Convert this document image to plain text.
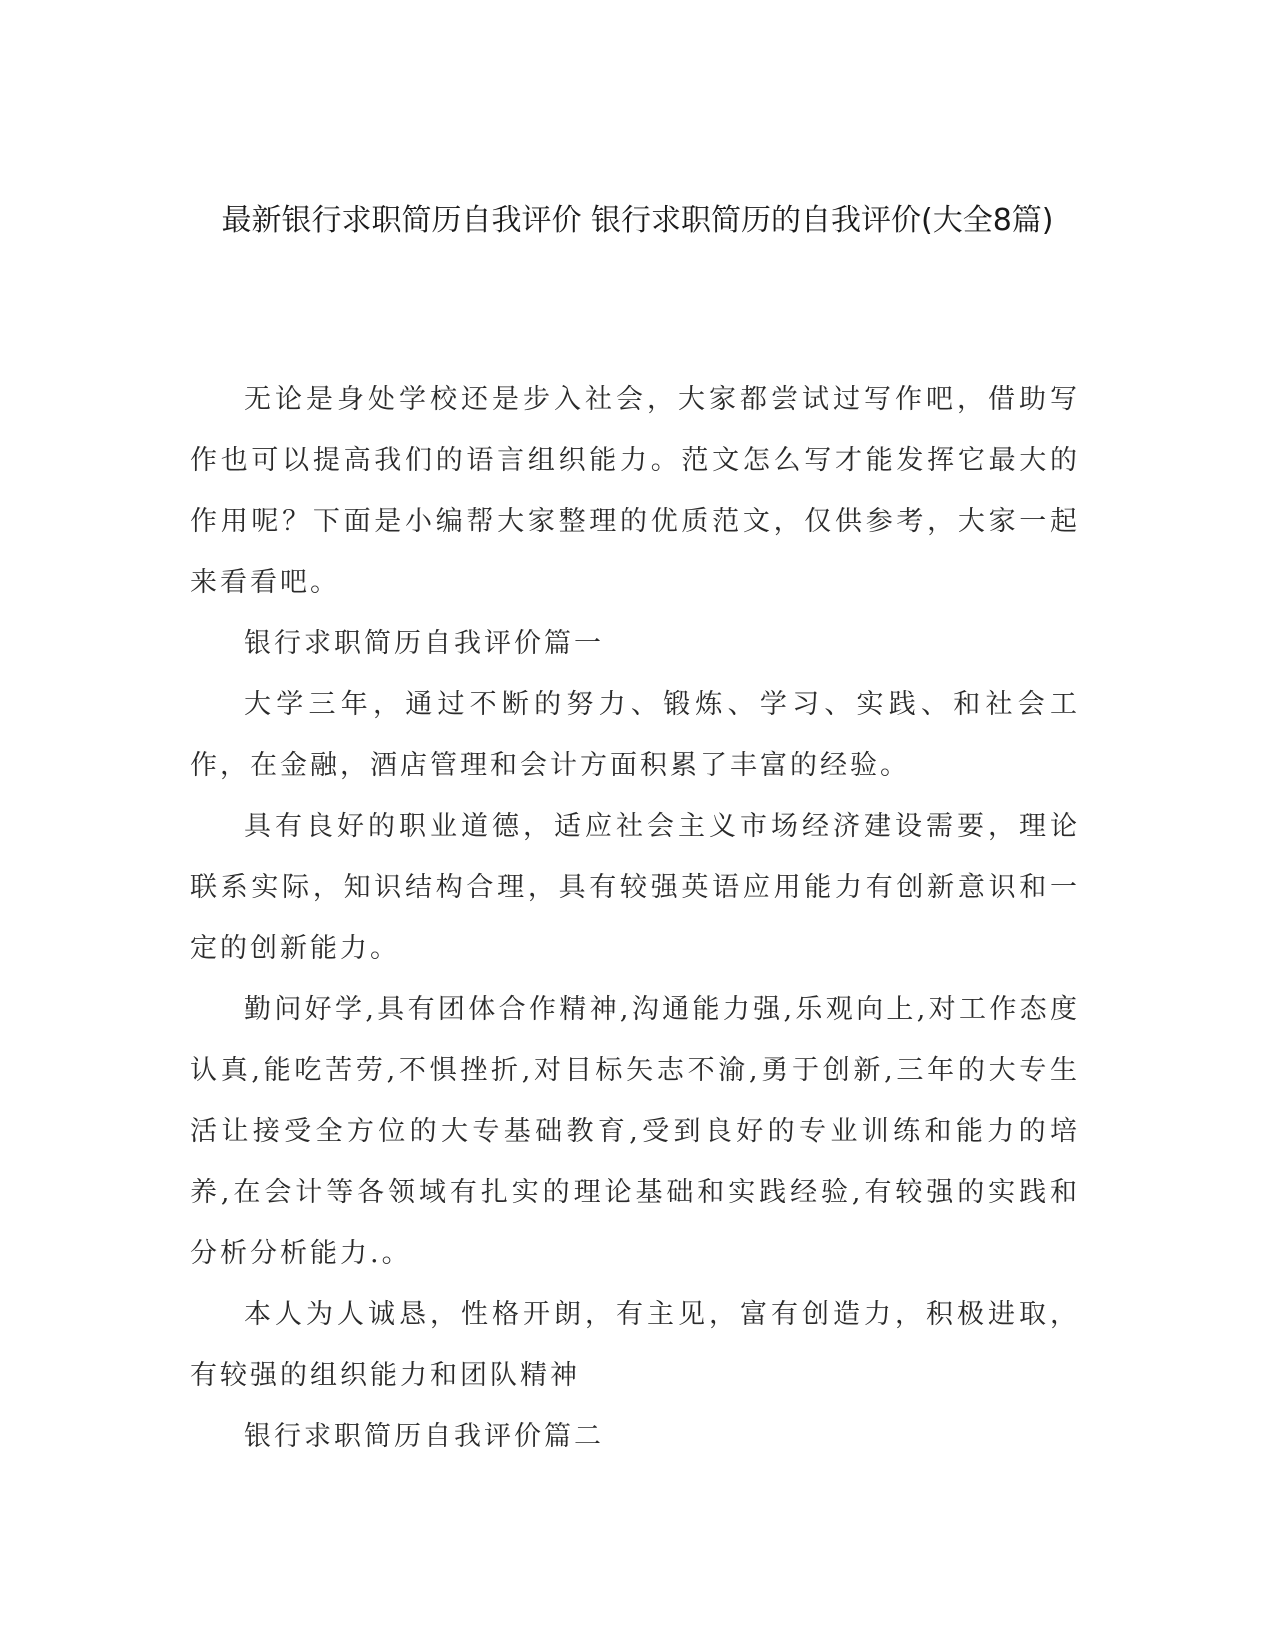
最新银行求职简历自我评价 银行求职简历的自我评价(大全8篇)

无论是身处学校还是步入社会，大家都尝试过写作吧，借助写作也可以提高我们的语言组织能力。范文怎么写才能发挥它最大的作用呢？下面是小编帮大家整理的优质范文，仅供参考，大家一起来看看吧。

银行求职简历自我评价篇一

大学三年，通过不断的努力、锻炼、学习、实践、和社会工作，在金融，酒店管理和会计方面积累了丰富的经验。

具有良好的职业道德，适应社会主义市场经济建设需要，理论联系实际，知识结构合理，具有较强英语应用能力有创新意识和一定的创新能力。

勤问好学,具有团体合作精神,沟通能力强,乐观向上,对工作态度认真,能吃苦劳,不惧挫折,对目标矢志不渝,勇于创新,三年的大专生活让接受全方位的大专基础教育,受到良好的专业训练和能力的培养,在会计等各领域有扎实的理论基础和实践经验,有较强的实践和分析分析能力.。

本人为人诚恳，性格开朗，有主见，富有创造力，积极进取，有较强的组织能力和团队精神

银行求职简历自我评价篇二
